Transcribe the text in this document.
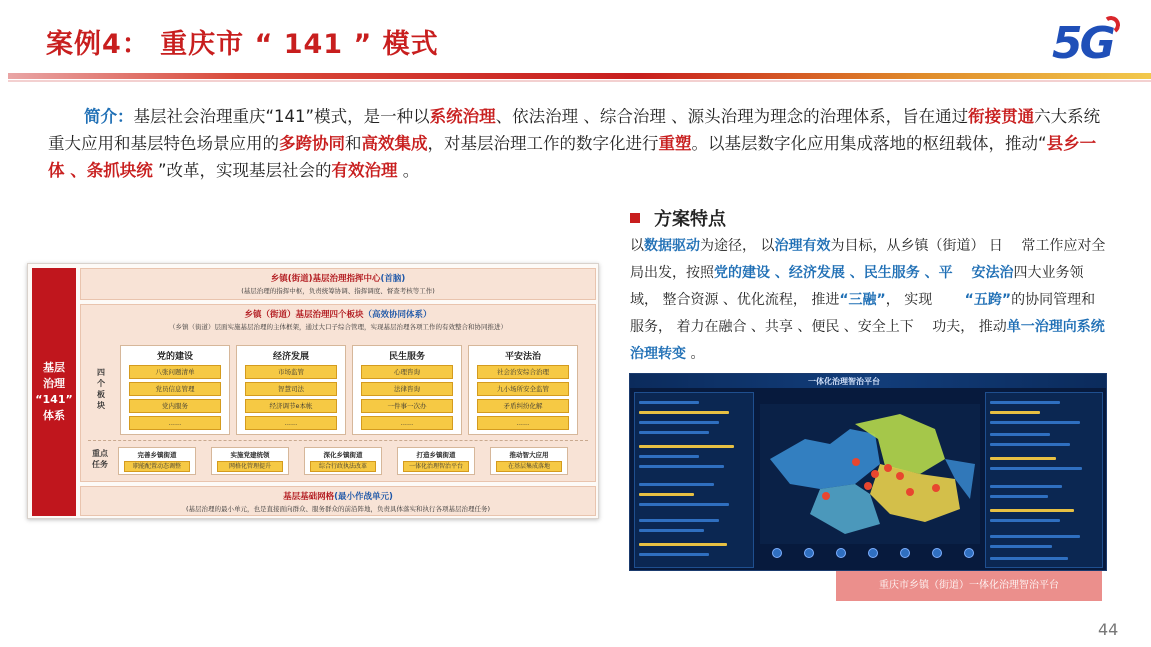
案例4： 重庆市 “ 141 ” 模式	5G
简介：基层社会治理重庆“141”模式，是一种以系统治理、依法治理 、综合治理 、源头治理为理念的治理体系，旨在通过衔接贯通六大系统重大应用和基层特色场景应用的多跨协同和高效集成，对基层治理工作的数字化进行重塑。以基层数字化应用集成落地的枢纽载体，推动“县乡一体 、条抓块统 ”改革，实现基层社会的有效治理 。
基层
治理
“141”
体系
乡镇(街道)基层治理指挥中心(首脑)
(基层治理的指挥中枢，负责统筹协调、指挥调度、督查考核等工作)
乡镇（街道）基层治理四个板块（高效协同体系）
（乡镇（街道）层面实施基层治理的主体框架，通过大口子综合管理，实现基层治理各项工作的有效整合和协同推进）
四
个
板
块
党的建设
八张问题清单
党员信息管理
党内服务
......
经济发展
市场监管
智慧司法
经济调节e本帐
......
民生服务
心理咨询
法律咨询
一件事一次办
......
平安法治
社会治安综合治理
九小场所安全监管
矛盾纠纷化解
......
重点
任务
完善乡镇街道
职能配置动态调整
实施党建统领
网格化管理提升
深化乡镇街道
综合行政执法改革
打造乡镇街道
一体化治理智治平台
推动智大应用
在基层集成落地
基层基础网格(最小作战单元)
(基层治理的最小单元，也是直接面向群众、服务群众的前沿阵地，负责具体落实和执行各项基层治理任务)
方案特点
以数据驱动为途径， 以治理有效为目标，从乡镇（街道） 日　 常工作应对全局出发，按照党的建设 、经济发展 、民生服务 、平　 安法治四大业务领域， 整合资源 、优化流程， 推进“三融”， 实现　　 “五跨”的协同管理和服务， 着力在融合 、共享 、便民 、安全上下　 功夫， 推动单一治理向系统治理转变 。
一体化治理智治平台
重庆市乡镇（街道）一体化治理智治平台
44
